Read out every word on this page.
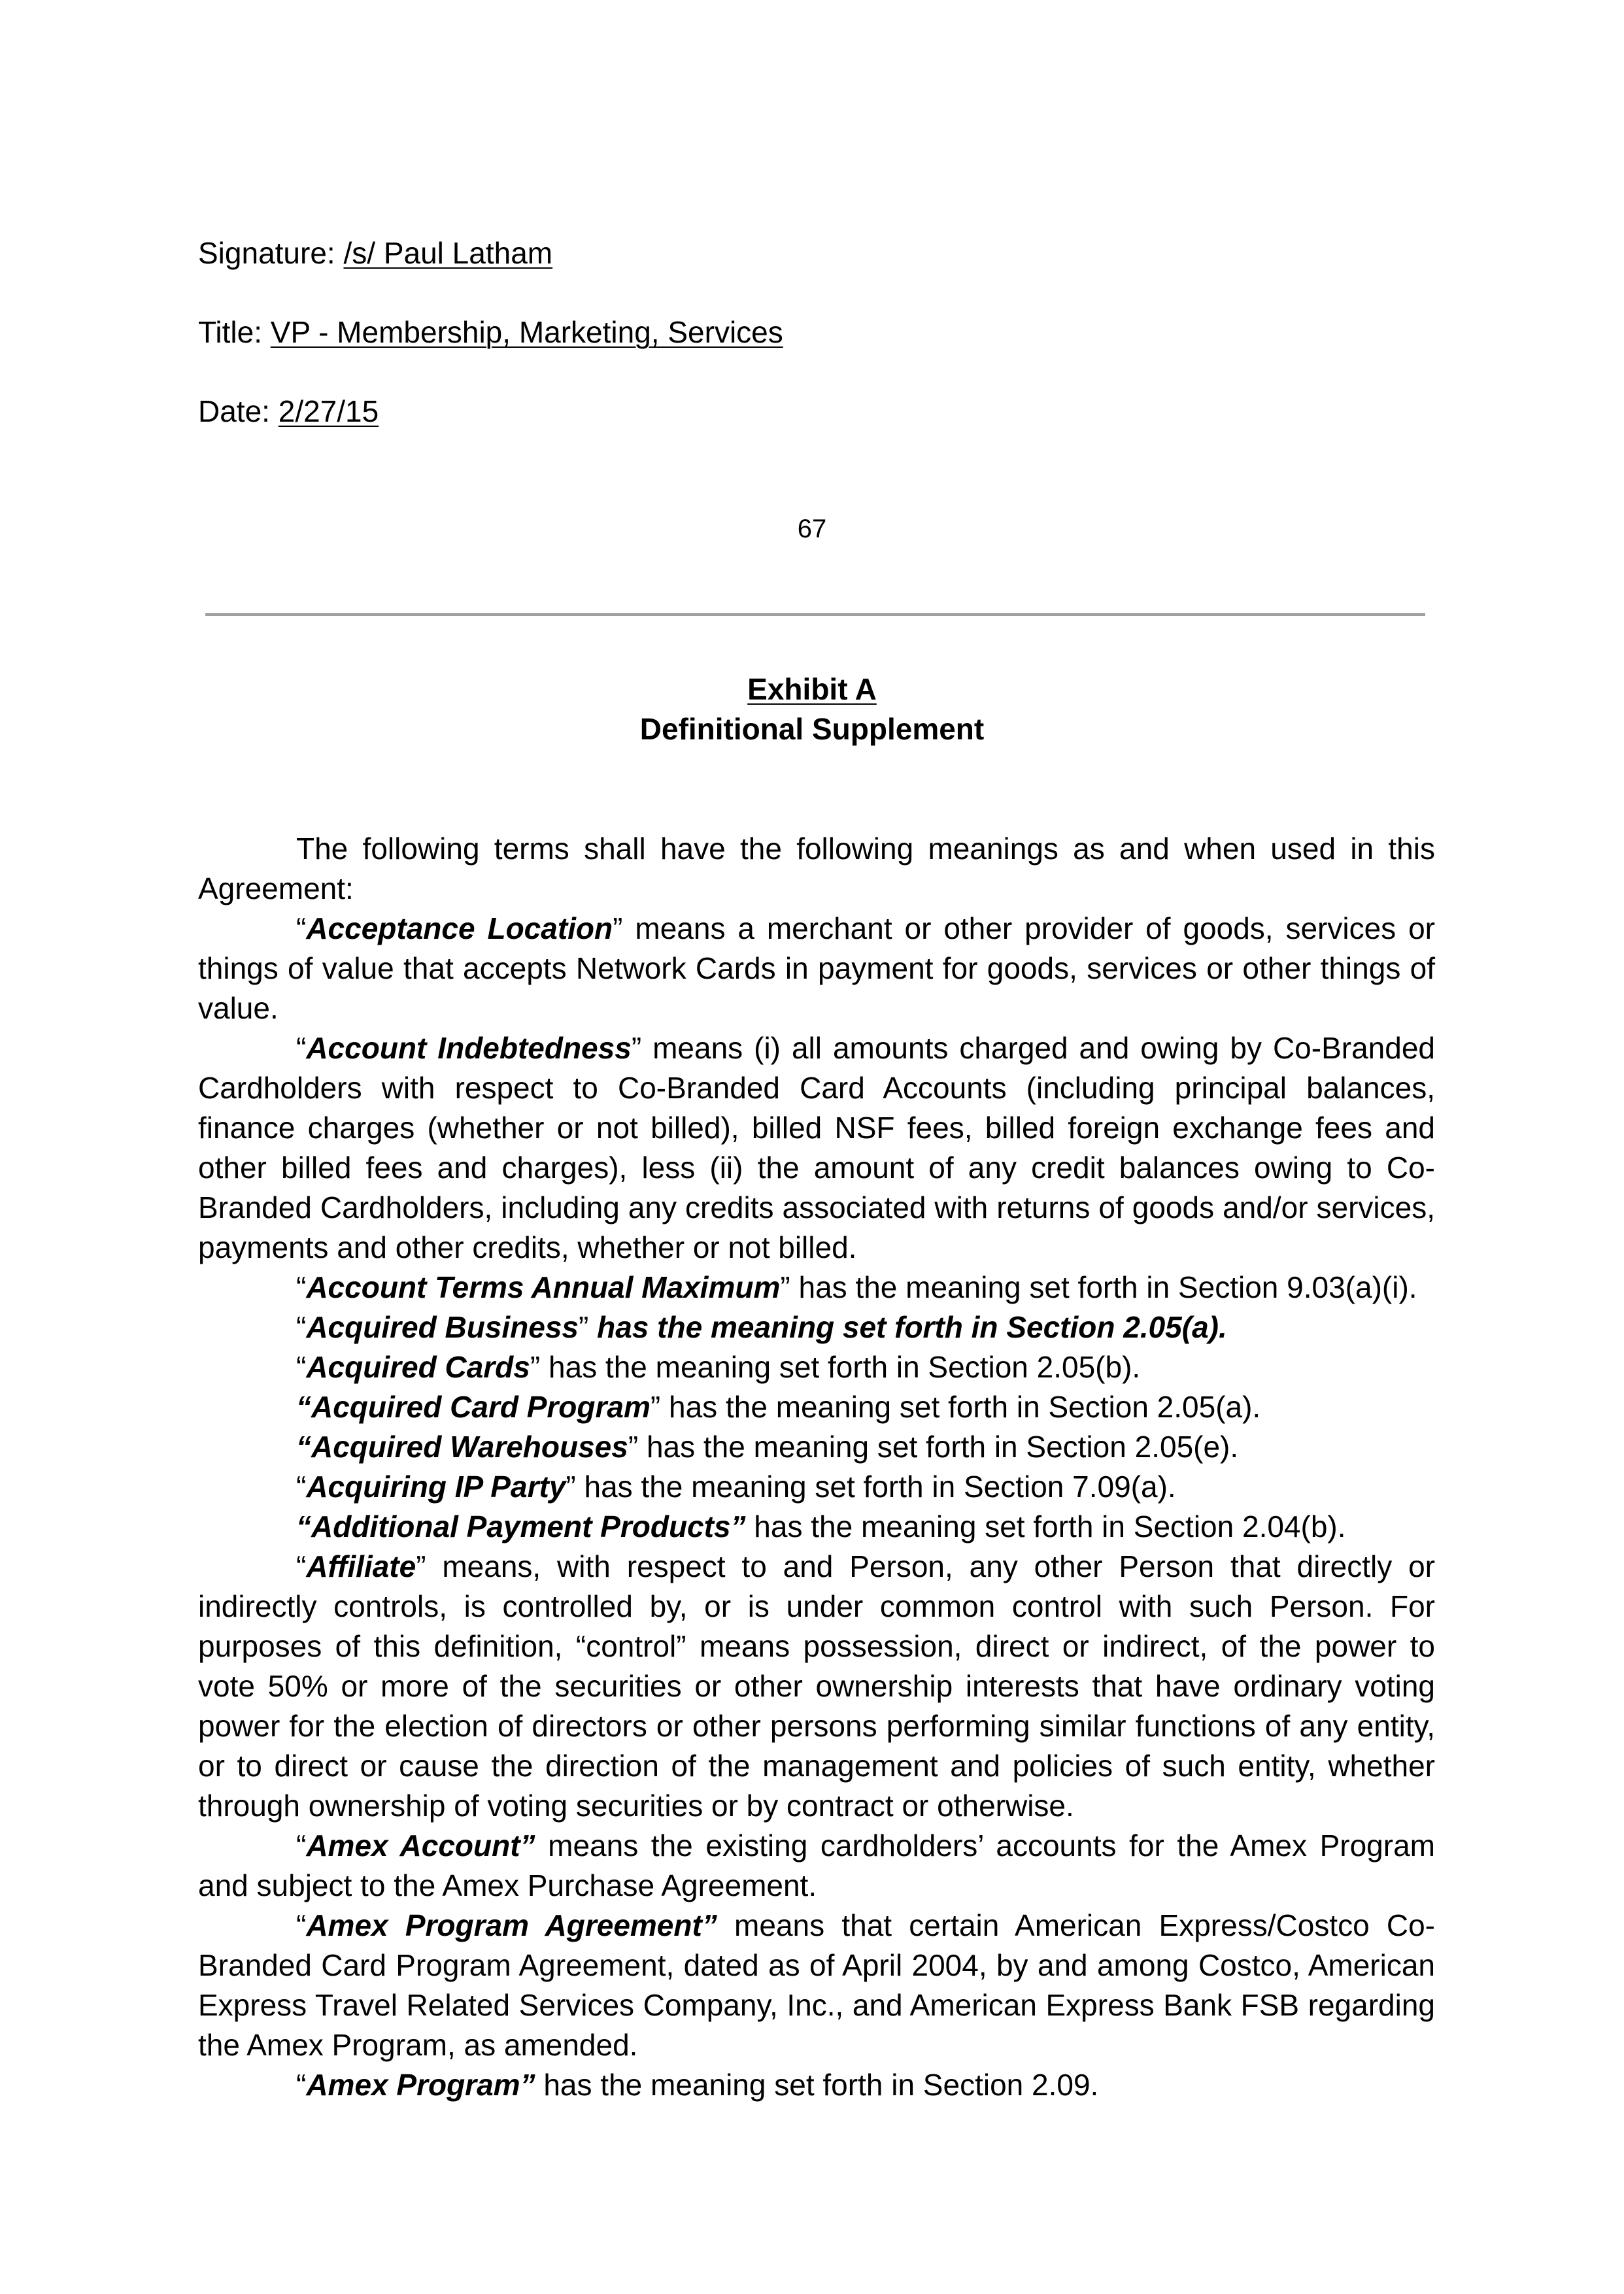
Signature: /s/ Paul Latham
Title: VP - Membership, Marketing, Services
Date: 2/27/15
67
Exhibit A
Definitional Supplement

The following terms shall have the following meanings as and when used in this Agreement:

“Acceptance Location” means a merchant or other provider of goods, services or things of value that accepts Network Cards in payment for goods, services or other things of value.

“Account Indebtedness” means (i) all amounts charged and owing by Co-Branded Cardholders with respect to Co-Branded Card Accounts (including principal balances, finance charges (whether or not billed), billed NSF fees, billed foreign exchange fees and other billed fees and charges), less (ii) the amount of any credit balances owing to Co-Branded Cardholders, including any credits associated with returns of goods and/or services, payments and other credits, whether or not billed.

“Account Terms Annual Maximum” has the meaning set forth in Section 9.03(a)(i).

“Acquired Business” has the meaning set forth in Section 2.05(a).

“Acquired Cards” has the meaning set forth in Section 2.05(b).

“Acquired Card Program” has the meaning set forth in Section 2.05(a).

“Acquired Warehouses” has the meaning set forth in Section 2.05(e).

“Acquiring IP Party” has the meaning set forth in Section 7.09(a).

“Additional Payment Products” has the meaning set forth in Section 2.04(b).

“Affiliate” means, with respect to and Person, any other Person that directly or indirectly controls, is controlled by, or is under common control with such Person. For purposes of this definition, “control” means possession, direct or indirect, of the power to vote 50% or more of the securities or other ownership interests that have ordinary voting power for the election of directors or other persons performing similar functions of any entity, or to direct or cause the direction of the management and policies of such entity, whether through ownership of voting securities or by contract or otherwise.

“Amex Account” means the existing cardholders’ accounts for the Amex Program and subject to the Amex Purchase Agreement.

“Amex Program Agreement” means that certain American Express/Costco Co-Branded Card Program Agreement, dated as of April 2004, by and among Costco, American Express Travel Related Services Company, Inc., and American Express Bank FSB regarding the Amex Program, as amended.

“Amex Program” has the meaning set forth in Section 2.09.
